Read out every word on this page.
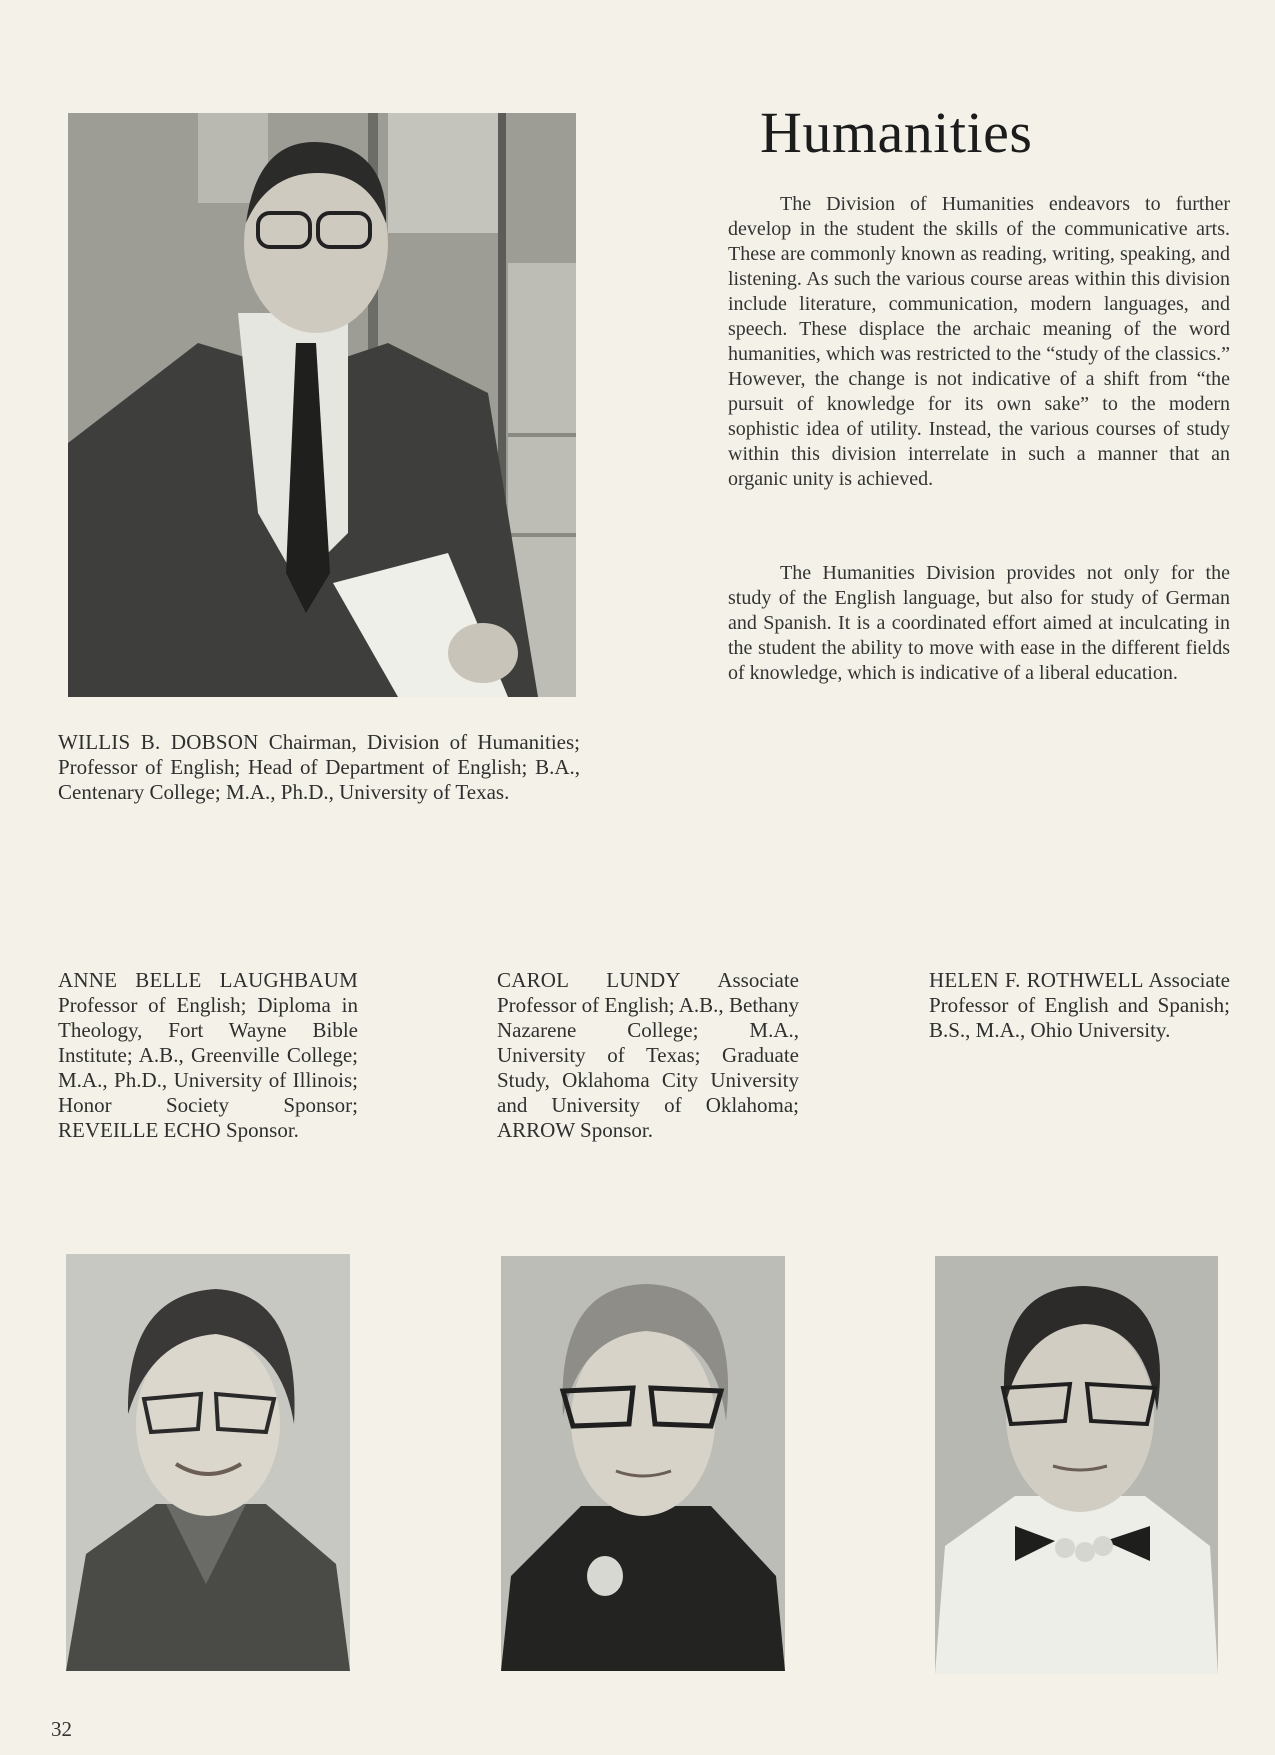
Humanities

The Division of Humanities endeavors to further develop in the student the skills of the communicative arts. These are commonly known as reading, writing, speaking, and listening. As such the various course areas within this division include literature, communication, modern languages, and speech. These displace the archaic meaning of the word humanities, which was restricted to the “study of the classics.” However, the change is not indicative of a shift from “the pursuit of knowledge for its own sake” to the modern sophistic idea of utility. Instead, the various courses of study within this division interrelate in such a manner that an organic unity is achieved.

The Humanities Division provides not only for the study of the English language, but also for study of German and Spanish. It is a coordinated effort aimed at inculcating in the student the ability to move with ease in the different fields of knowledge, which is indicative of a liberal education.

WILLIS B. DOBSON Chairman, Division of Humanities; Professor of English; Head of Department of English; B.A., Centenary College; M.A., Ph.D., University of Texas.

ANNE BELLE LAUGHBAUM Professor of English; Diploma in Theology, Fort Wayne Bible Institute; A.B., Greenville College; M.A., Ph.D., University of Illinois; Honor Society Sponsor; REVEILLE ECHO Sponsor.

CAROL LUNDY Associate Professor of English; A.B., Bethany Nazarene College; M.A., University of Texas; Graduate Study, Oklahoma City University and University of Oklahoma; ARROW Sponsor.

HELEN F. ROTHWELL Associate Professor of English and Spanish; B.S., M.A., Ohio University.

32
